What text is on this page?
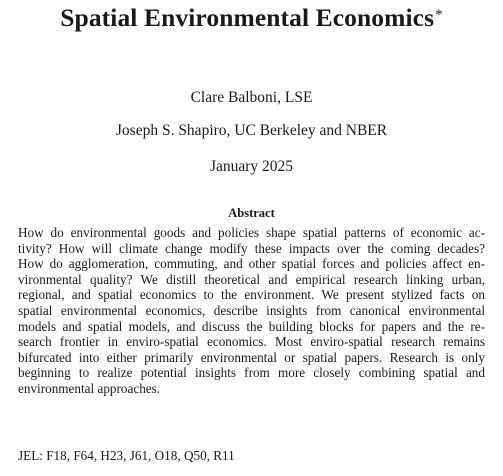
Spatial Environmental Economics*
Clare Balboni, LSE
Joseph S. Shapiro, UC Berkeley and NBER
January 2025
Abstract
How do environmental goods and policies shape spatial patterns of economic ac-
tivity? How will climate change modify these impacts over the coming decades?
How do agglomeration, commuting, and other spatial forces and policies affect en-
vironmental quality? We distill theoretical and empirical research linking urban,
regional, and spatial economics to the environment. We present stylized facts on
spatial environmental economics, describe insights from canonical environmental
models and spatial models, and discuss the building blocks for papers and the re-
search frontier in enviro-spatial economics. Most enviro-spatial research remains
bifurcated into either primarily environmental or spatial papers. Research is only
beginning to realize potential insights from more closely combining spatial and
environmental approaches.
JEL: F18, F64, H23, J61, O18, Q50, R11
